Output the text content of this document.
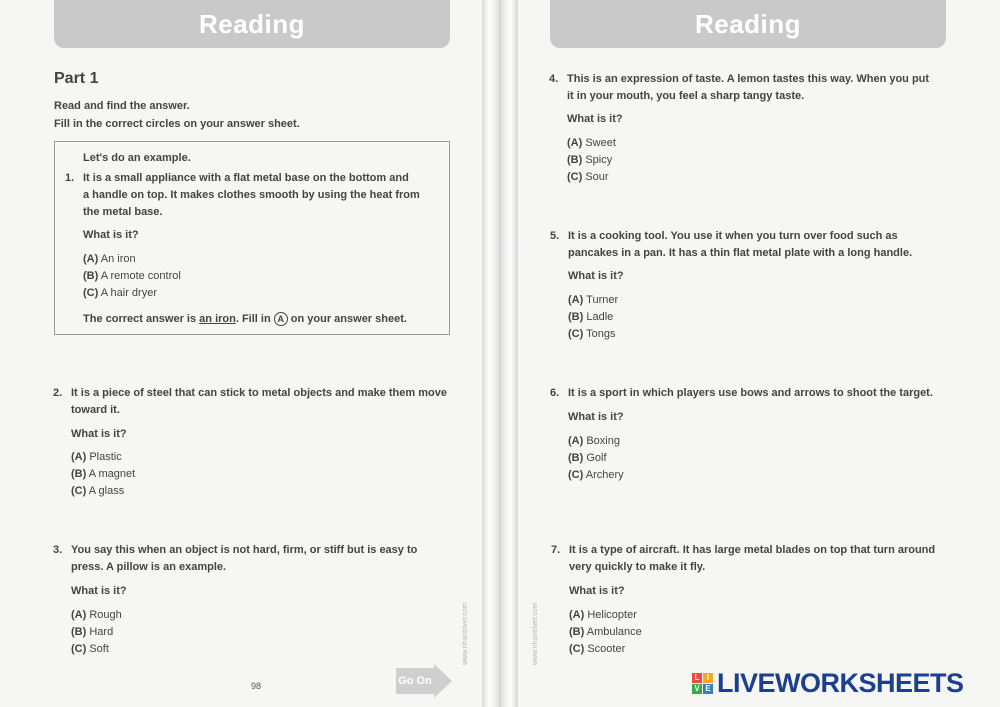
Reading
Part 1
Read and find the answer.
Fill in the correct circles on your answer sheet.
Let's do an example.
1. It is a small appliance with a flat metal base on the bottom and
a handle on top. It makes clothes smooth by using the heat from
the metal base.
What is it?
(A) An iron
(B) A remote control
(C) A hair dryer
The correct answer is an iron. Fill in A on your answer sheet.
2. It is a piece of steel that can stick to metal objects and make them move
toward it.
What is it?
(A) Plastic
(B) A magnet
(C) A glass
3. You say this when an object is not hard, firm, or stiff but is easy to
press. A pillow is an example.
What is it?
(A) Rough
(B) Hard
(C) Soft
98	Go On
www.nhantrivet.com
Reading
www.nhantrivet.com
4. This is an expression of taste. A lemon tastes this way. When you put
it in your mouth, you feel a sharp tangy taste.
What is it?
(A) Sweet
(B) Spicy
(C) Sour
5. It is a cooking tool. You use it when you turn over food such as
pancakes in a pan. It has a thin flat metal plate with a long handle.
What is it?
(A) Turner
(B) Ladle
(C) Tongs
6. It is a sport in which players use bows and arrows to shoot the target.
What is it?
(A) Boxing
(B) Golf
(C) Archery
7. It is a type of aircraft. It has large metal blades on top that turn around
very quickly to make it fly.
What is it?
(A) Helicopter
(B) Ambulance
(C) Scooter
L I
V E LIVEWORKSHEETS
